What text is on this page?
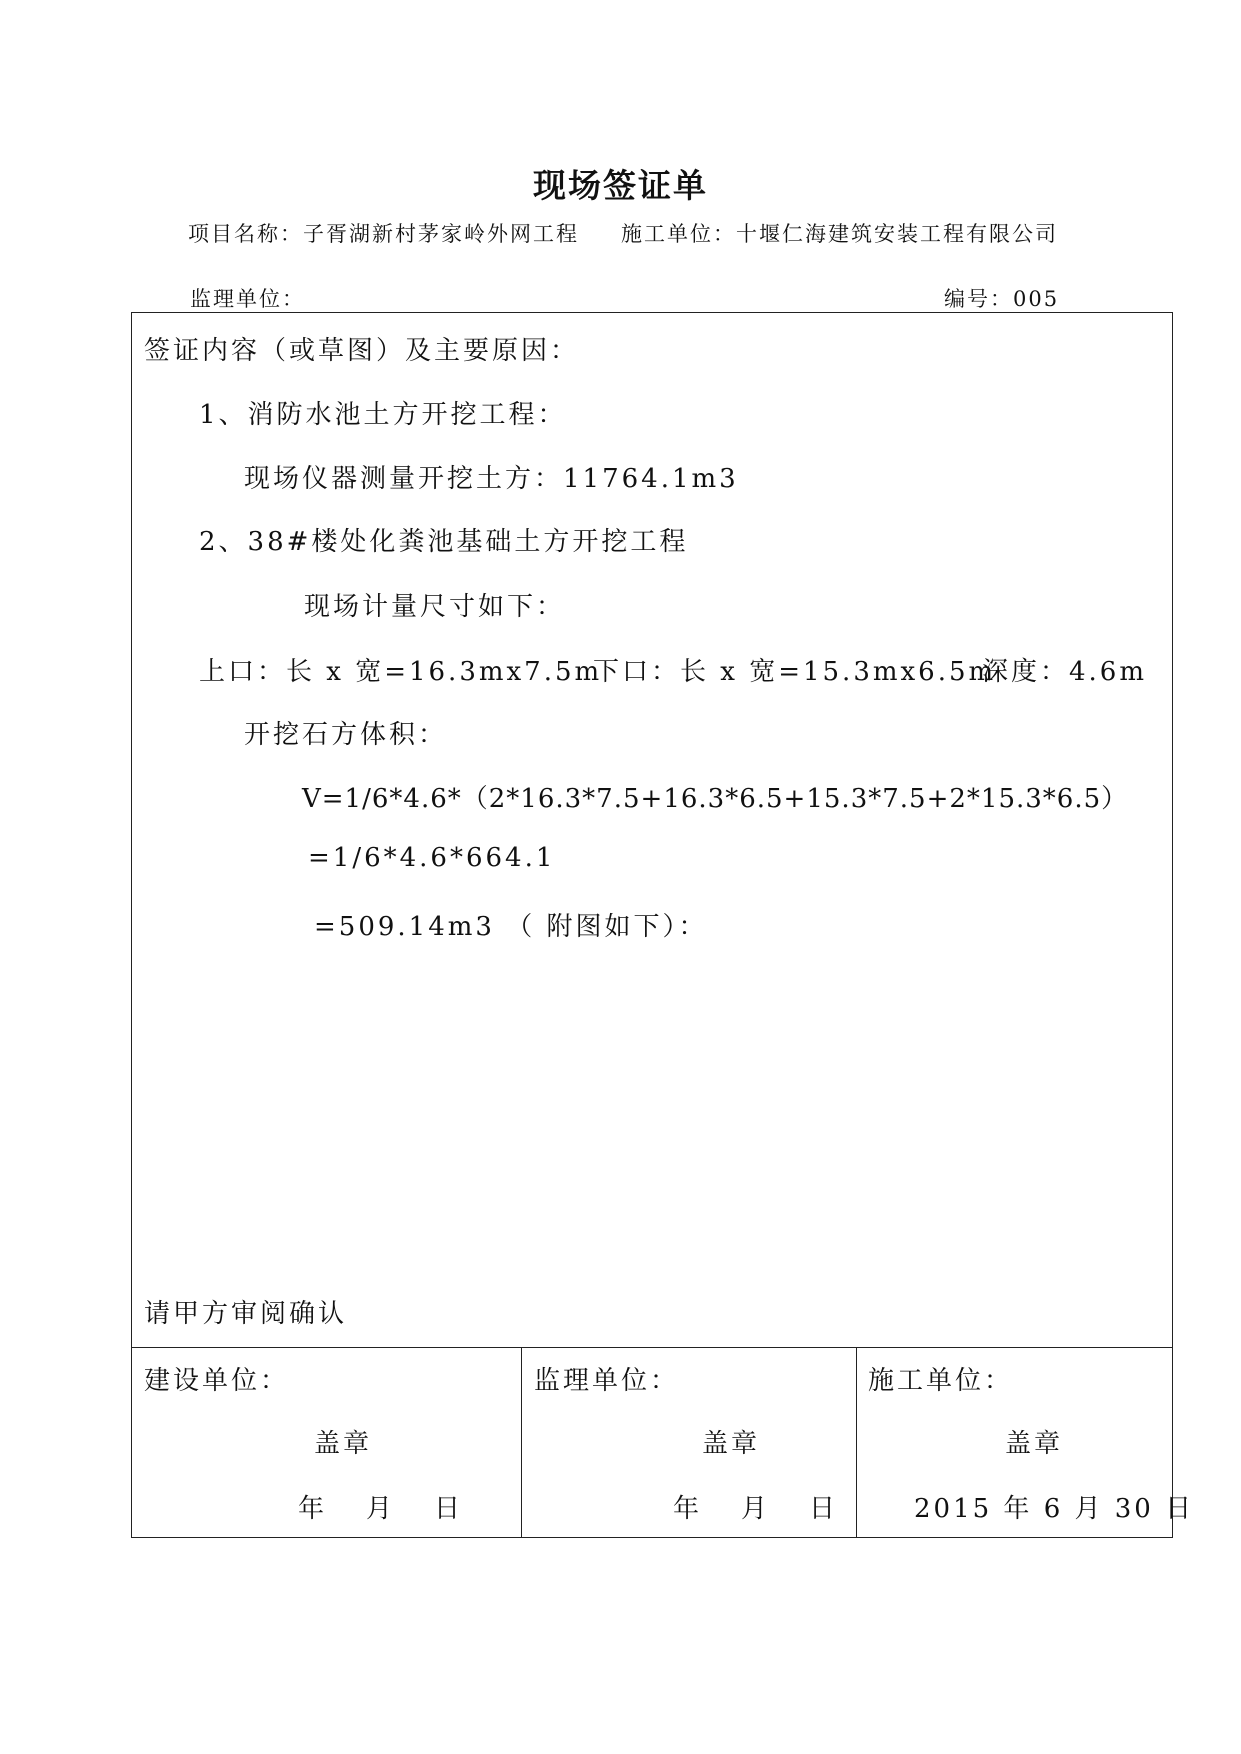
现场签证单
项目名称：子胥湖新村茅家岭外网工程 施工单位：十堰仁海建筑安装工程有限公司
监理单位：	编号：005
签证内容（或草图）及主要原因：
1、消防水池土方开挖工程：
现场仪器测量开挖土方：11764.1m3
2、38#楼处化粪池基础土方开挖工程
现场计量尺寸如下：
上口：长 x 宽=16.3mx7.5m
下口：长 x 宽=15.3mx6.5m
深度：4.6m
开挖石方体积：
V=1/6*4.6*（2*16.3*7.5+16.3*6.5+15.3*7.5+2*15.3*6.5）
=1/6*4.6*664.1
=509.14m3 （ 附图如下）：
请甲方审阅确认
建设单位：
盖章
年　月　日
监理单位：
盖章
年　月　日
施工单位：
盖章
2015 年 6 月 30 日
